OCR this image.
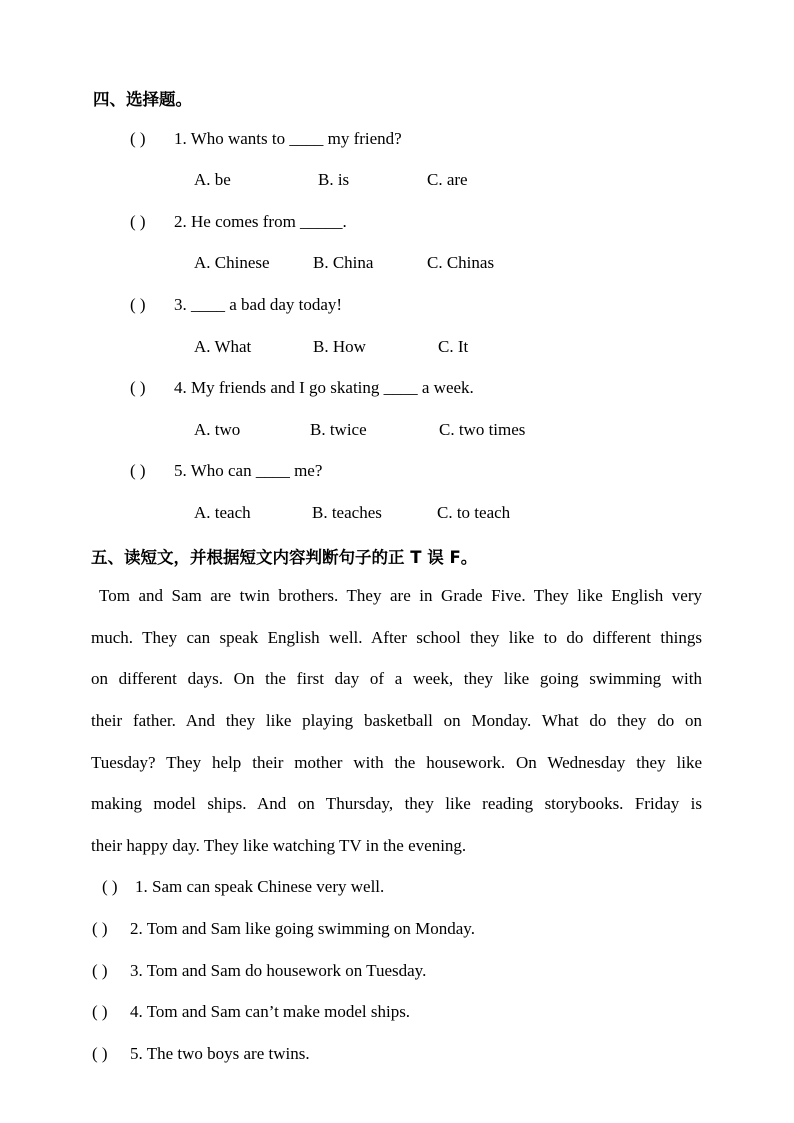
四、选择题。
( ) 1. Who wants to ____ my friend?
A. be	B. is	C. are
( ) 2. He comes from _____.
A. Chinese	B. China	C. Chinas
( ) 3. ____ a bad day today!
A. What	B. How	C. It
( ) 4. My friends and I go skating ____ a week.
A. two	B. twice	C. two times
( ) 5. Who can ____ me?
A. teach	B. teaches	C. to teach
五、读短文，并根据短文内容判断句子的正 T 误 F。
Tom and Sam are twin brothers. They are in Grade Five. They like English very
much. They can speak English well. After school they like to do different things
on different days. On the first day of a week, they like going swimming with
their father. And they like playing basketball on Monday. What do they do on
Tuesday? They help their mother with the housework. On Wednesday they like
making model ships. And on Thursday, they like reading storybooks. Friday is
their happy day. They like watching TV in the evening.
( ) 1. Sam can speak Chinese very well.
( ) 2. Tom and Sam like going swimming on Monday.
( ) 3. Tom and Sam do housework on Tuesday.
( ) 4. Tom and Sam can’t make model ships.
( ) 5. The two boys are twins.
